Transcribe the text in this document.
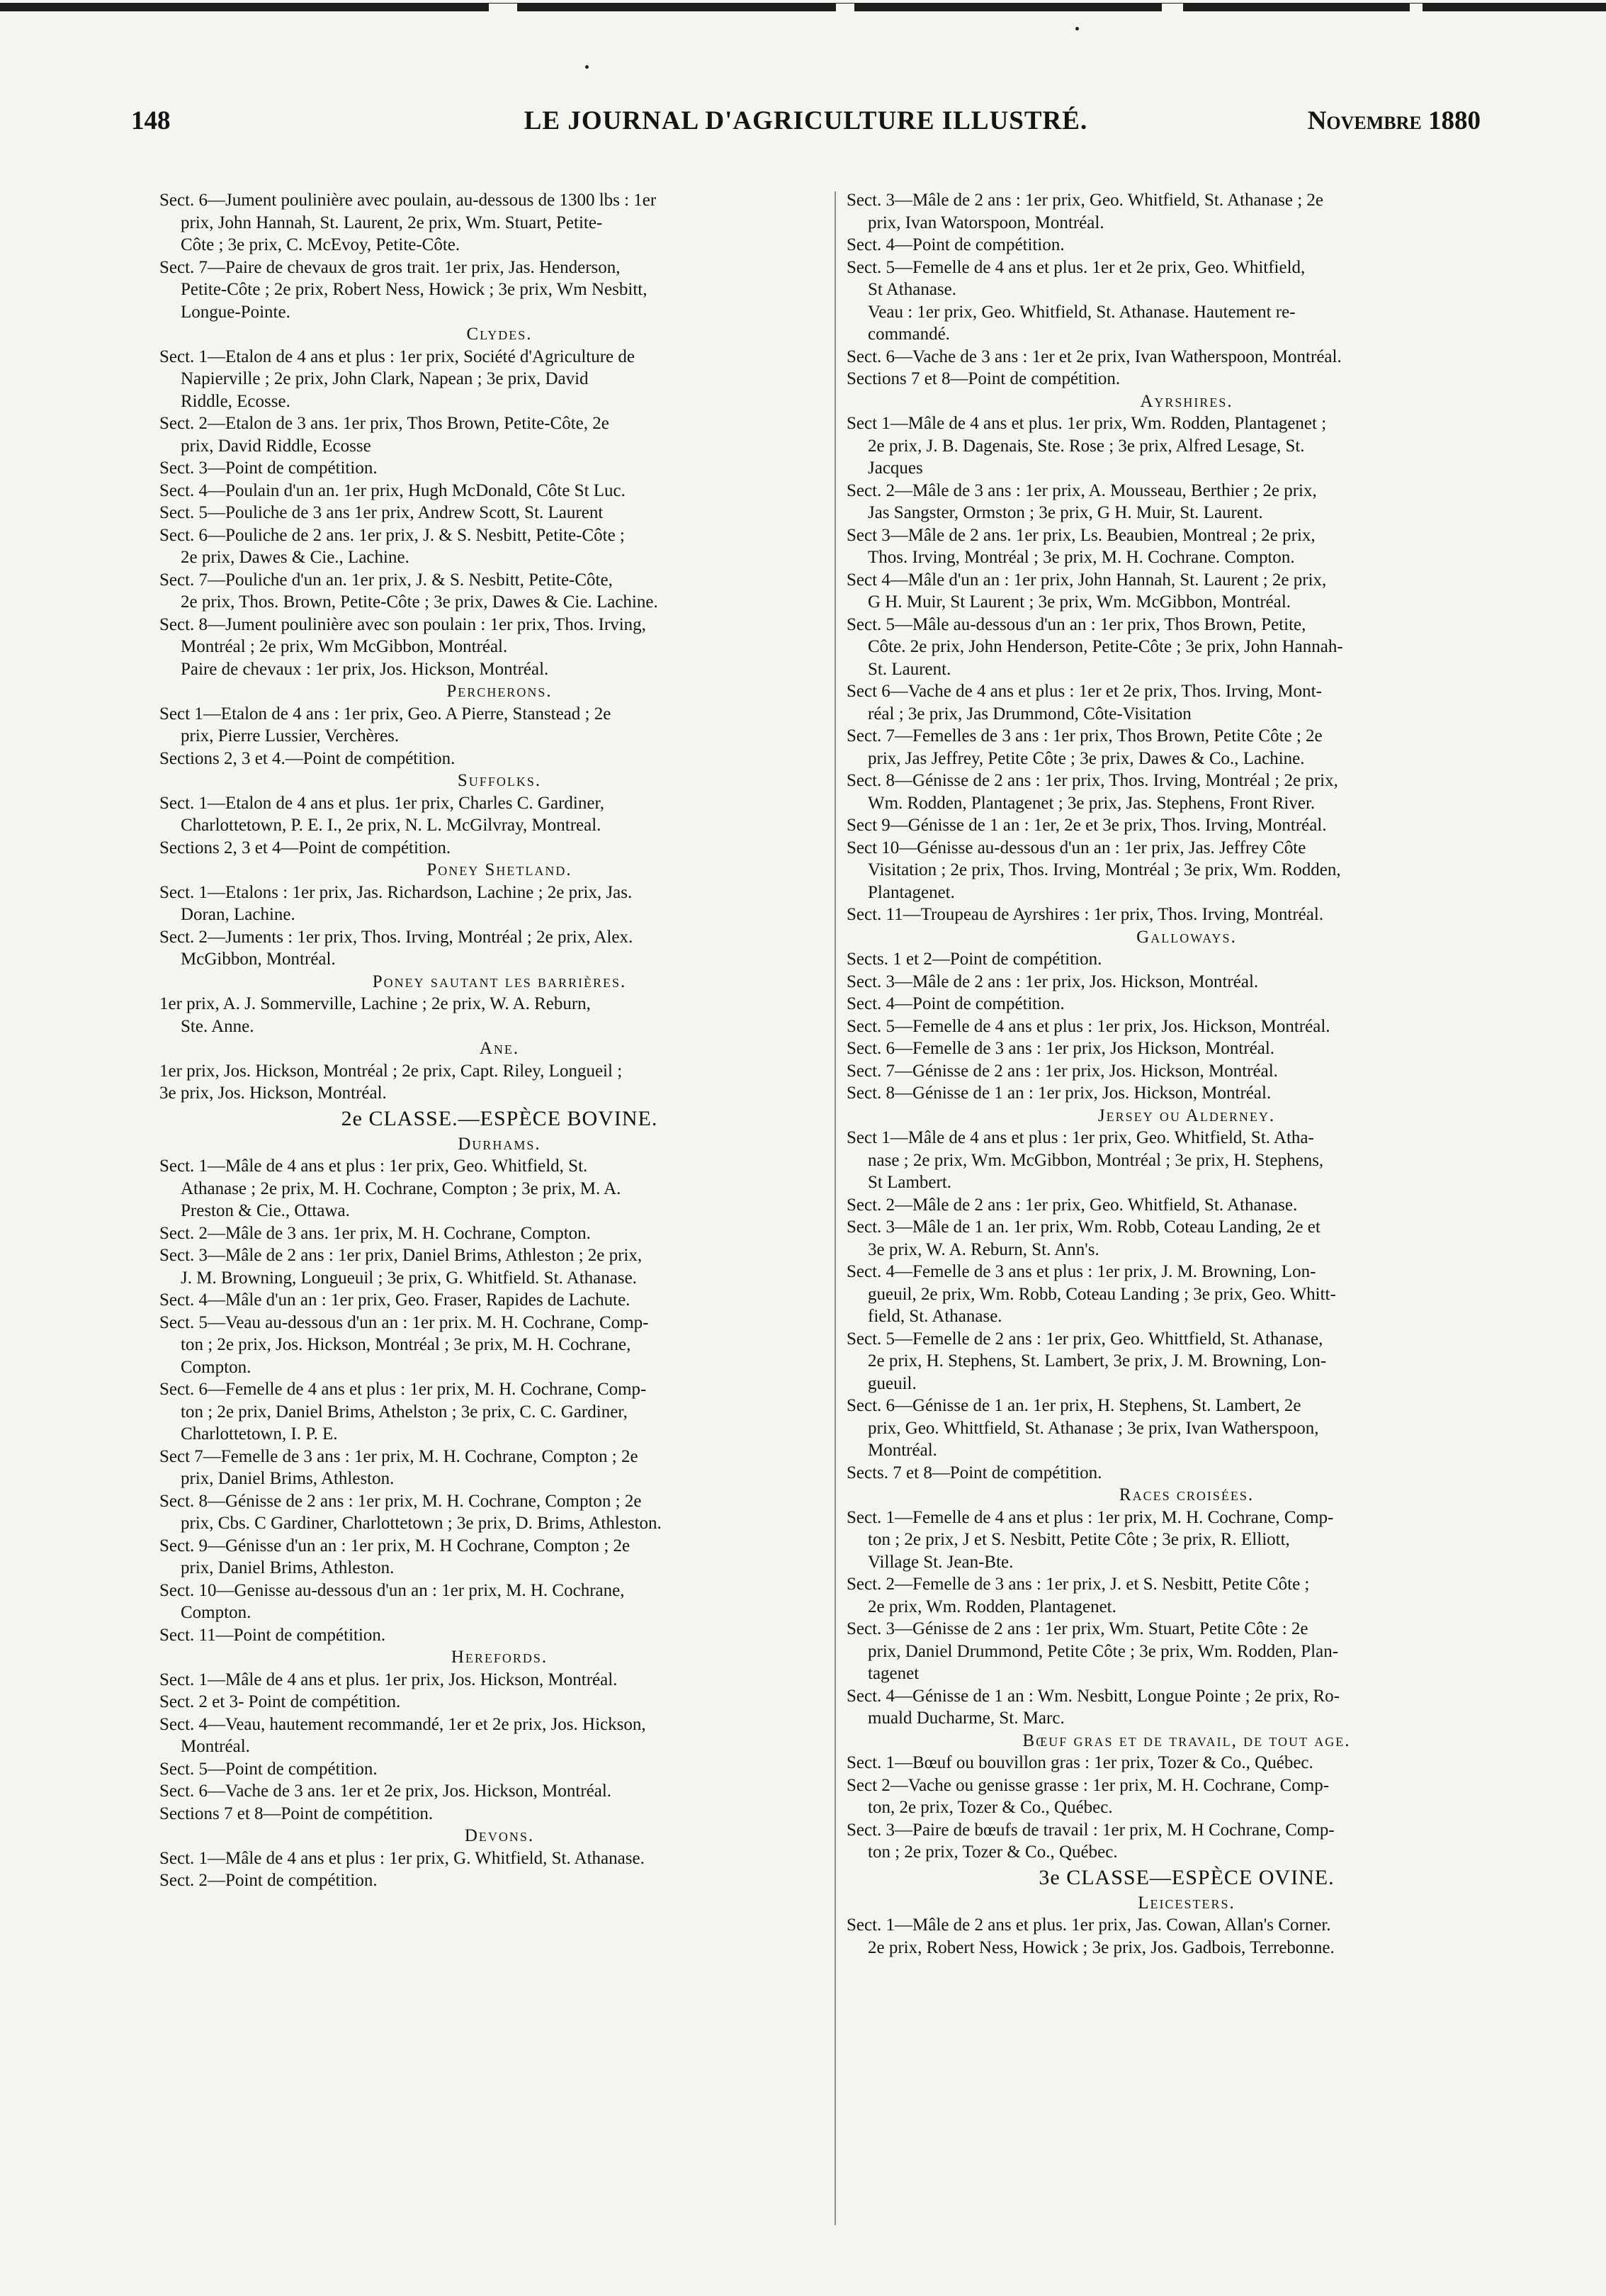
148	LE JOURNAL D'AGRICULTURE ILLUSTRÉ.	Novembre 1880
Sect. 6—Jument poulinière avec poulain, au-dessous de 1300 lbs : 1er
prix, John Hannah, St. Laurent, 2e prix, Wm. Stuart, Petite-
Côte ; 3e prix, C. McEvoy, Petite-Côte.
Sect. 7—Paire de chevaux de gros trait. 1er prix, Jas. Henderson,
Petite-Côte ; 2e prix, Robert Ness, Howick ; 3e prix, Wm Nesbitt,
Longue-Pointe.
Clydes.
Sect. 1—Etalon de 4 ans et plus : 1er prix, Société d'Agriculture de
Napierville ; 2e prix, John Clark, Napean ; 3e prix, David
Riddle, Ecosse.
Sect. 2—Etalon de 3 ans. 1er prix, Thos Brown, Petite-Côte, 2e
prix, David Riddle, Ecosse
Sect. 3—Point de compétition.
Sect. 4—Poulain d'un an. 1er prix, Hugh McDonald, Côte St Luc.
Sect. 5—Pouliche de 3 ans 1er prix, Andrew Scott, St. Laurent
Sect. 6—Pouliche de 2 ans. 1er prix, J. & S. Nesbitt, Petite-Côte ;
2e prix, Dawes & Cie., Lachine.
Sect. 7—Pouliche d'un an. 1er prix, J. & S. Nesbitt, Petite-Côte,
2e prix, Thos. Brown, Petite-Côte ; 3e prix, Dawes & Cie. Lachine.
Sect. 8—Jument poulinière avec son poulain : 1er prix, Thos. Irving,
Montréal ; 2e prix, Wm McGibbon, Montréal.
Paire de chevaux : 1er prix, Jos. Hickson, Montréal.
Percherons.
Sect 1—Etalon de 4 ans : 1er prix, Geo. A Pierre, Stanstead ; 2e
prix, Pierre Lussier, Verchères.
Sections 2, 3 et 4.—Point de compétition.
Suffolks.
Sect. 1—Etalon de 4 ans et plus. 1er prix, Charles C. Gardiner,
Charlottetown, P. E. I., 2e prix, N. L. McGilvray, Montreal.
Sections 2, 3 et 4—Point de compétition.
Poney Shetland.
Sect. 1—Etalons : 1er prix, Jas. Richardson, Lachine ; 2e prix, Jas.
Doran, Lachine.
Sect. 2—Juments : 1er prix, Thos. Irving, Montréal ; 2e prix, Alex.
McGibbon, Montréal.
Poney sautant les barrières.
1er prix, A. J. Sommerville, Lachine ; 2e prix, W. A. Reburn,
Ste. Anne.
Ane.
1er prix, Jos. Hickson, Montréal ; 2e prix, Capt. Riley, Longueil ;
3e prix, Jos. Hickson, Montréal.
2e CLASSE.—ESPÈCE BOVINE.
Durhams.
Sect. 1—Mâle de 4 ans et plus : 1er prix, Geo. Whitfield, St.
Athanase ; 2e prix, M. H. Cochrane, Compton ; 3e prix, M. A.
Preston & Cie., Ottawa.
Sect. 2—Mâle de 3 ans. 1er prix, M. H. Cochrane, Compton.
Sect. 3—Mâle de 2 ans : 1er prix, Daniel Brims, Athleston ; 2e prix,
J. M. Browning, Longueuil ; 3e prix, G. Whitfield. St. Athanase.
Sect. 4—Mâle d'un an : 1er prix, Geo. Fraser, Rapides de Lachute.
Sect. 5—Veau au-dessous d'un an : 1er prix. M. H. Cochrane, Comp-
ton ; 2e prix, Jos. Hickson, Montréal ; 3e prix, M. H. Cochrane,
Compton.
Sect. 6—Femelle de 4 ans et plus : 1er prix, M. H. Cochrane, Comp-
ton ; 2e prix, Daniel Brims, Athelston ; 3e prix, C. C. Gardiner,
Charlottetown, I. P. E.
Sect 7—Femelle de 3 ans : 1er prix, M. H. Cochrane, Compton ; 2e
prix, Daniel Brims, Athleston.
Sect. 8—Génisse de 2 ans : 1er prix, M. H. Cochrane, Compton ; 2e
prix, Cbs. C Gardiner, Charlottetown ; 3e prix, D. Brims, Athleston.
Sect. 9—Génisse d'un an : 1er prix, M. H Cochrane, Compton ; 2e
prix, Daniel Brims, Athleston.
Sect. 10—Genisse au-dessous d'un an : 1er prix, M. H. Cochrane,
Compton.
Sect. 11—Point de compétition.
Herefords.
Sect. 1—Mâle de 4 ans et plus. 1er prix, Jos. Hickson, Montréal.
Sect. 2 et 3- Point de compétition.
Sect. 4—Veau, hautement recommandé, 1er et 2e prix, Jos. Hickson,
Montréal.
Sect. 5—Point de compétition.
Sect. 6—Vache de 3 ans. 1er et 2e prix, Jos. Hickson, Montréal.
Sections 7 et 8—Point de compétition.
Devons.
Sect. 1—Mâle de 4 ans et plus : 1er prix, G. Whitfield, St. Athanase.
Sect. 2—Point de compétition.
Sect. 3—Mâle de 2 ans : 1er prix, Geo. Whitfield, St. Athanase ; 2e
prix, Ivan Watorspoon, Montréal.
Sect. 4—Point de compétition.
Sect. 5—Femelle de 4 ans et plus. 1er et 2e prix, Geo. Whitfield,
St Athanase.
Veau : 1er prix, Geo. Whitfield, St. Athanase. Hautement re-
commandé.
Sect. 6—Vache de 3 ans : 1er et 2e prix, Ivan Watherspoon, Montréal.
Sections 7 et 8—Point de compétition.
Ayrshires.
Sect 1—Mâle de 4 ans et plus. 1er prix, Wm. Rodden, Plantagenet ;
2e prix, J. B. Dagenais, Ste. Rose ; 3e prix, Alfred Lesage, St.
Jacques
Sect. 2—Mâle de 3 ans : 1er prix, A. Mousseau, Berthier ; 2e prix,
Jas Sangster, Ormston ; 3e prix, G H. Muir, St. Laurent.
Sect 3—Mâle de 2 ans. 1er prix, Ls. Beaubien, Montreal ; 2e prix,
Thos. Irving, Montréal ; 3e prix, M. H. Cochrane. Compton.
Sect 4—Mâle d'un an : 1er prix, John Hannah, St. Laurent ; 2e prix,
G H. Muir, St Laurent ; 3e prix, Wm. McGibbon, Montréal.
Sect. 5—Mâle au-dessous d'un an : 1er prix, Thos Brown, Petite,
Côte. 2e prix, John Henderson, Petite-Côte ; 3e prix, John Hannah-
St. Laurent.
Sect 6—Vache de 4 ans et plus : 1er et 2e prix, Thos. Irving, Mont-
réal ; 3e prix, Jas Drummond, Côte-Visitation
Sect. 7—Femelles de 3 ans : 1er prix, Thos Brown, Petite Côte ; 2e
prix, Jas Jeffrey, Petite Côte ; 3e prix, Dawes & Co., Lachine.
Sect. 8—Génisse de 2 ans : 1er prix, Thos. Irving, Montréal ; 2e prix,
Wm. Rodden, Plantagenet ; 3e prix, Jas. Stephens, Front River.
Sect 9—Génisse de 1 an : 1er, 2e et 3e prix, Thos. Irving, Montréal.
Sect 10—Génisse au-dessous d'un an : 1er prix, Jas. Jeffrey Côte
Visitation ; 2e prix, Thos. Irving, Montréal ; 3e prix, Wm. Rodden,
Plantagenet.
Sect. 11—Troupeau de Ayrshires : 1er prix, Thos. Irving, Montréal.
Galloways.
Sects. 1 et 2—Point de compétition.
Sect. 3—Mâle de 2 ans : 1er prix, Jos. Hickson, Montréal.
Sect. 4—Point de compétition.
Sect. 5—Femelle de 4 ans et plus : 1er prix, Jos. Hickson, Montréal.
Sect. 6—Femelle de 3 ans : 1er prix, Jos Hickson, Montréal.
Sect. 7—Génisse de 2 ans : 1er prix, Jos. Hickson, Montréal.
Sect. 8—Génisse de 1 an : 1er prix, Jos. Hickson, Montréal.
Jersey ou Alderney.
Sect 1—Mâle de 4 ans et plus : 1er prix, Geo. Whitfield, St. Atha-
nase ; 2e prix, Wm. McGibbon, Montréal ; 3e prix, H. Stephens,
St Lambert.
Sect. 2—Mâle de 2 ans : 1er prix, Geo. Whitfield, St. Athanase.
Sect. 3—Mâle de 1 an. 1er prix, Wm. Robb, Coteau Landing, 2e et
3e prix, W. A. Reburn, St. Ann's.
Sect. 4—Femelle de 3 ans et plus : 1er prix, J. M. Browning, Lon-
gueuil, 2e prix, Wm. Robb, Coteau Landing ; 3e prix, Geo. Whitt-
field, St. Athanase.
Sect. 5—Femelle de 2 ans : 1er prix, Geo. Whittfield, St. Athanase,
2e prix, H. Stephens, St. Lambert, 3e prix, J. M. Browning, Lon-
gueuil.
Sect. 6—Génisse de 1 an. 1er prix, H. Stephens, St. Lambert, 2e
prix, Geo. Whittfield, St. Athanase ; 3e prix, Ivan Watherspoon,
Montréal.
Sects. 7 et 8—Point de compétition.
Races croisées.
Sect. 1—Femelle de 4 ans et plus : 1er prix, M. H. Cochrane, Comp-
ton ; 2e prix, J et S. Nesbitt, Petite Côte ; 3e prix, R. Elliott,
Village St. Jean-Bte.
Sect. 2—Femelle de 3 ans : 1er prix, J. et S. Nesbitt, Petite Côte ;
2e prix, Wm. Rodden, Plantagenet.
Sect. 3—Génisse de 2 ans : 1er prix, Wm. Stuart, Petite Côte : 2e
prix, Daniel Drummond, Petite Côte ; 3e prix, Wm. Rodden, Plan-
tagenet
Sect. 4—Génisse de 1 an : Wm. Nesbitt, Longue Pointe ; 2e prix, Ro-
muald Ducharme, St. Marc.
Bœuf gras et de travail, de tout age.
Sect. 1—Bœuf ou bouvillon gras : 1er prix, Tozer & Co., Québec.
Sect 2—Vache ou genisse grasse : 1er prix, M. H. Cochrane, Comp-
ton, 2e prix, Tozer & Co., Québec.
Sect. 3—Paire de bœufs de travail : 1er prix, M. H Cochrane, Comp-
ton ; 2e prix, Tozer & Co., Québec.
3e CLASSE—ESPÈCE OVINE.
Leicesters.
Sect. 1—Mâle de 2 ans et plus. 1er prix, Jas. Cowan, Allan's Corner.
2e prix, Robert Ness, Howick ; 3e prix, Jos. Gadbois, Terrebonne.
